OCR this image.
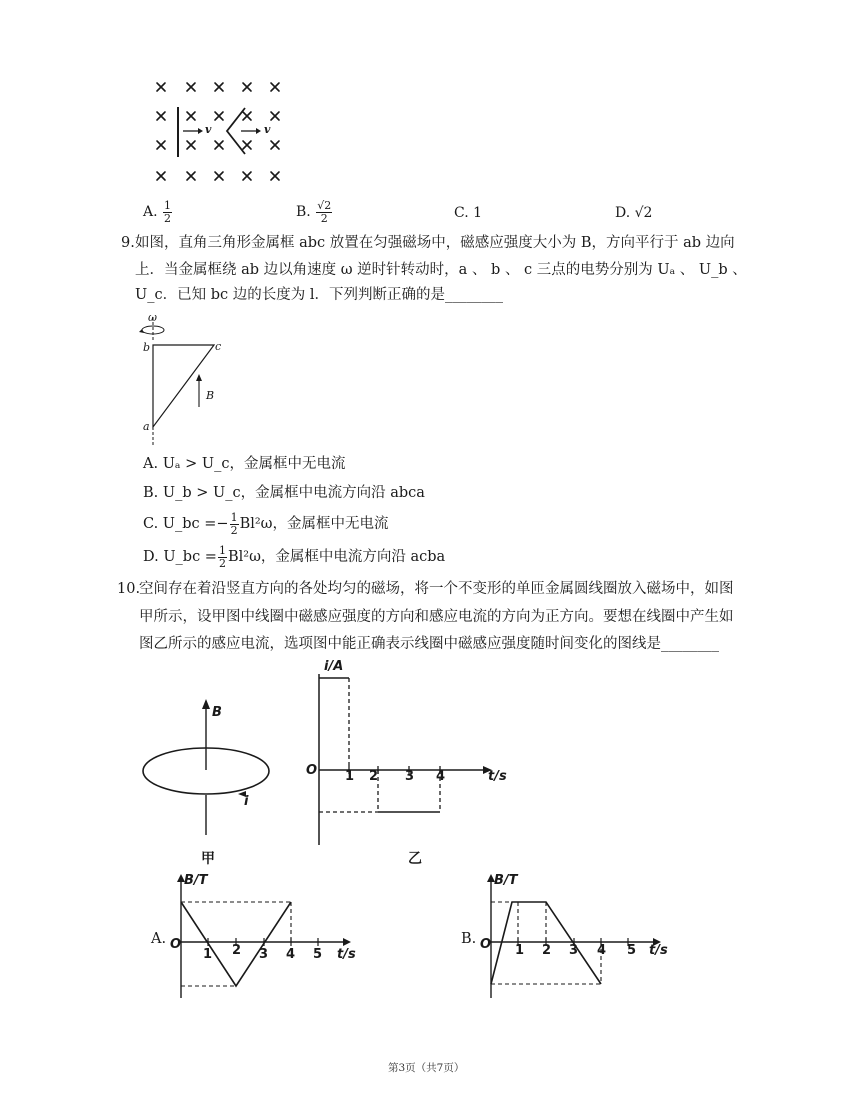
v	v
A. $\frac{1}{2}$	B. $\frac{√2}{2}$	C. 1	D. √2
9. 如图，直角三角形金属框 abc 放置在匀强磁场中，磁感应强度大小为 B，方向平行于 ab 边向
上．当金属框绕 ab 边以角速度 ω 逆时针转动时，a 、 b 、 c 三点的电势分别为 Uₐ 、 U_b 、
U_c．已知 bc 边的长度为 l．下列判断正确的是________
ω
b	c
a
B
A. Uₐ > U_c，金属框中无电流
B. U_b > U_c，金属框中电流方向沿 abca
C. U_bc =− $\frac{1}{2} Bl^2\omega$，金属框中无电流
D. U_bc = $\frac{1}{2} Bl^2\omega$，金属框中电流方向沿 acba
10.
空间存在着沿竖直方向的各处均匀的磁场，将一个不变形的单匝金属圆线圈放入磁场中，如图
甲所示，设甲图中线圈中磁感应强度的方向和感应电流的方向为正方向。要想在线圈中产生如
图乙所示的感应电流，选项图中能正确表示线圈中磁感应强度随时间变化的图线是________
B
i
甲
i/A
O 1 2 3 4	t/s
乙
A.
B/T
O
1 2 3 4 5 t/s
B.
B/T
O 1 2 3 4 5 t/s
第3页（共7页）
